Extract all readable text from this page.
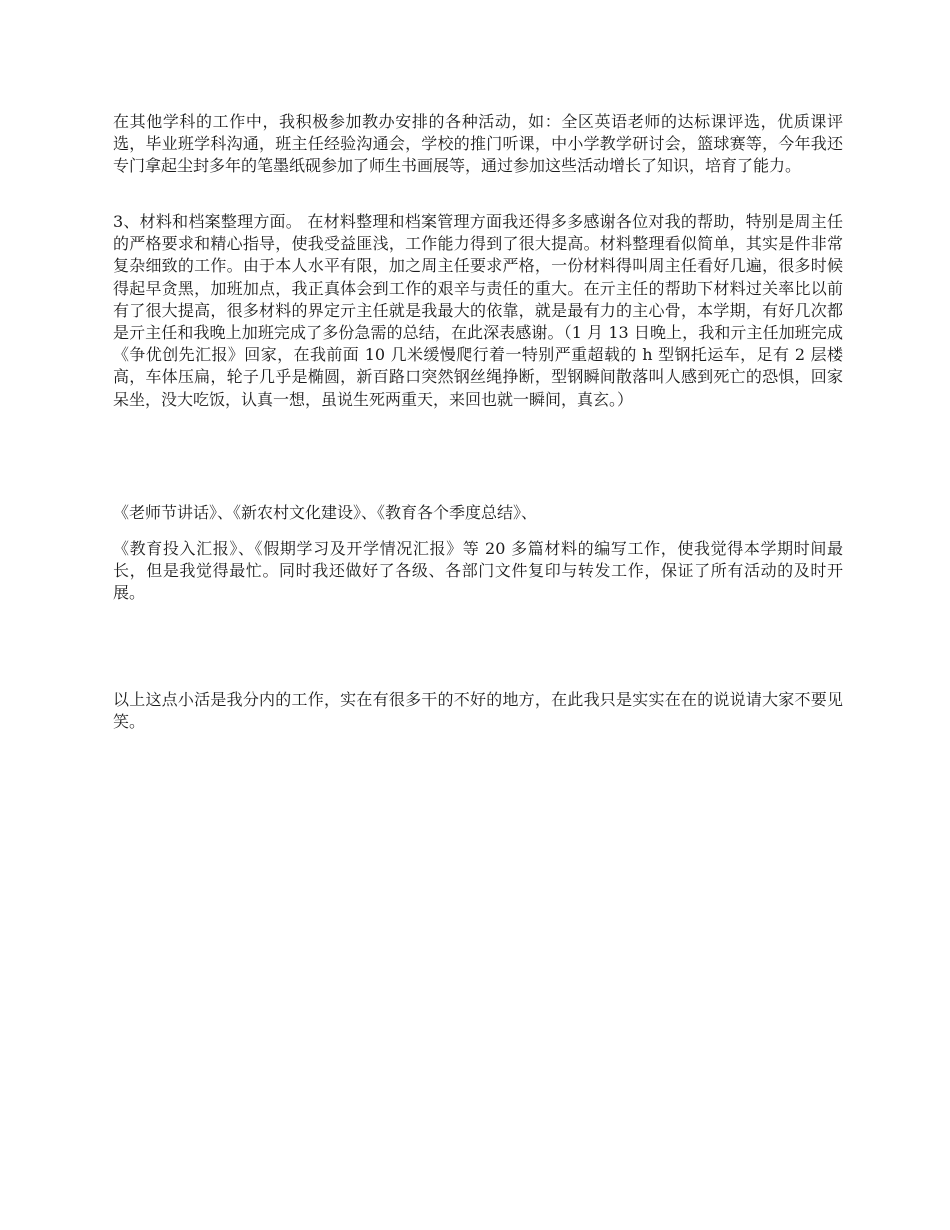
在其他学科的工作中，我积极参加教办安排的各种活动，如：全区英语老师的达标课评选，优质课评选，毕业班学科沟通，班主任经验沟通会，学校的推门听课，中小学教学研讨会，篮球赛等，今年我还专门拿起尘封多年的笔墨纸砚参加了师生书画展等，通过参加这些活动增长了知识，培育了能力。

3、材料和档案整理方面。 在材料整理和档案管理方面我还得多多感谢各位对我的帮助，特别是周主任的严格要求和精心指导，使我受益匪浅，工作能力得到了很大提高。材料整理看似简单，其实是件非常复杂细致的工作。由于本人水平有限，加之周主任要求严格，一份材料得叫周主任看好几遍，很多时候得起早贪黑，加班加点，我正真体会到工作的艰辛与责任的重大。在亓主任的帮助下材料过关率比以前有了很大提高，很多材料的界定亓主任就是我最大的依靠，就是最有力的主心骨，本学期，有好几次都是亓主任和我晚上加班完成了多份急需的总结，在此深表感谢。（1 月 13 日晚上，我和亓主任加班完成《争优创先汇报》回家，在我前面 10 几米缓慢爬行着一特别严重超载的 h 型钢托运车，足有 2 层楼高，车体压扁，轮子几乎是椭圆，新百路口突然钢丝绳挣断，型钢瞬间散落叫人感到死亡的恐惧，回家呆坐，没大吃饭，认真一想，虽说生死两重天，来回也就一瞬间，真玄。）

《老师节讲话》、《新农村文化建设》、《教育各个季度总结》、

《教育投入汇报》、《假期学习及开学情况汇报》等 20 多篇材料的编写工作，使我觉得本学期时间最长，但是我觉得最忙。同时我还做好了各级、各部门文件复印与转发工作，保证了所有活动的及时开展。

以上这点小活是我分内的工作，实在有很多干的不好的地方，在此我只是实实在在的说说请大家不要见笑。
